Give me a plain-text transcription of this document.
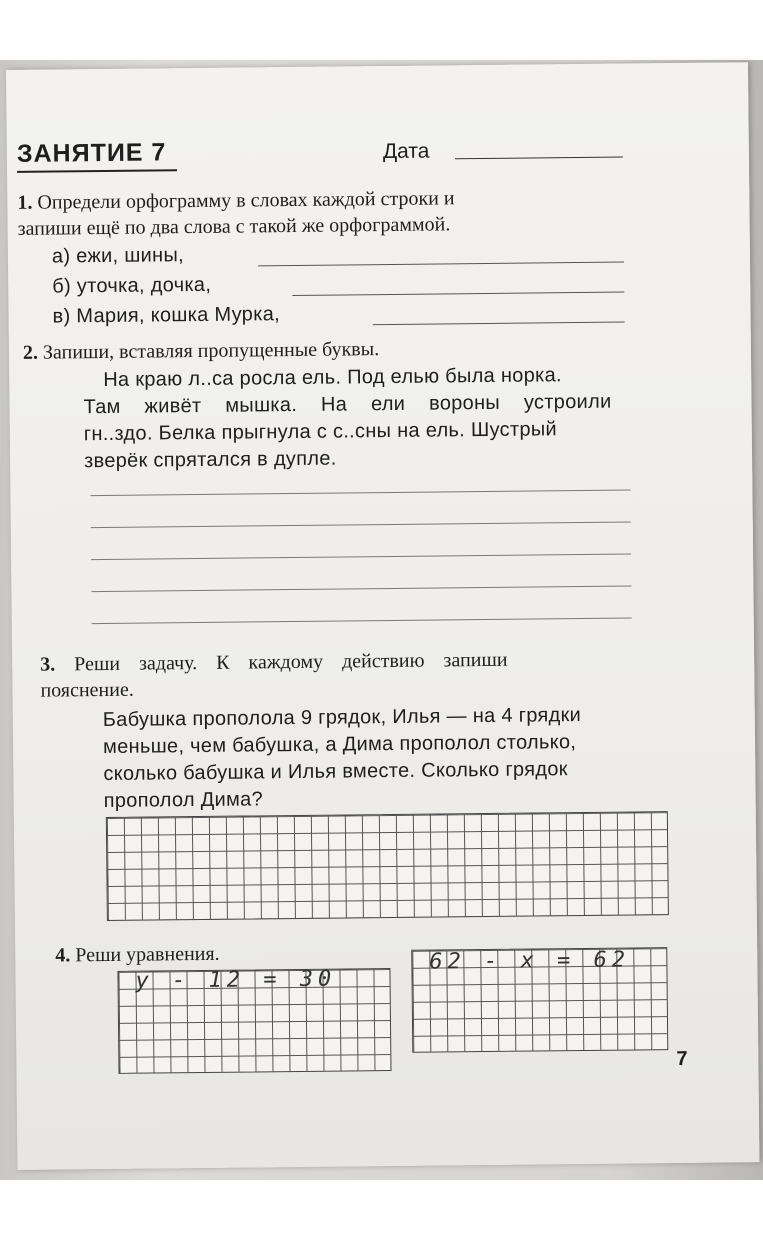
ЗАНЯТИЕ 7	Дата
1. Определи орфограмму в словах каждой строки и
запиши ещё по два слова с такой же орфограммой.
а) ежи, шины,
б) уточка, дочка,
в) Мария, кошка Мурка,
2. Запиши, вставляя пропущенные буквы.
На краю л..са росла ель. Под елью была норка.
Там живёт мышка. На ели вороны устроили
гн..здо. Белка прыгнула с с..сны на ель. Шустрый
зверёк спрятался в дупле.
3. Реши задачу. К каждому действию запиши
пояснение.
Бабушка прополола 9 грядок, Илья — на 4 грядки
меньше, чем бабушка, а Дима прополол столько,
сколько бабушка и Илья вместе. Сколько грядок
прополол Дима?
4. Реши уравнения.
y - 12 = 30
62 - x = 62
7
